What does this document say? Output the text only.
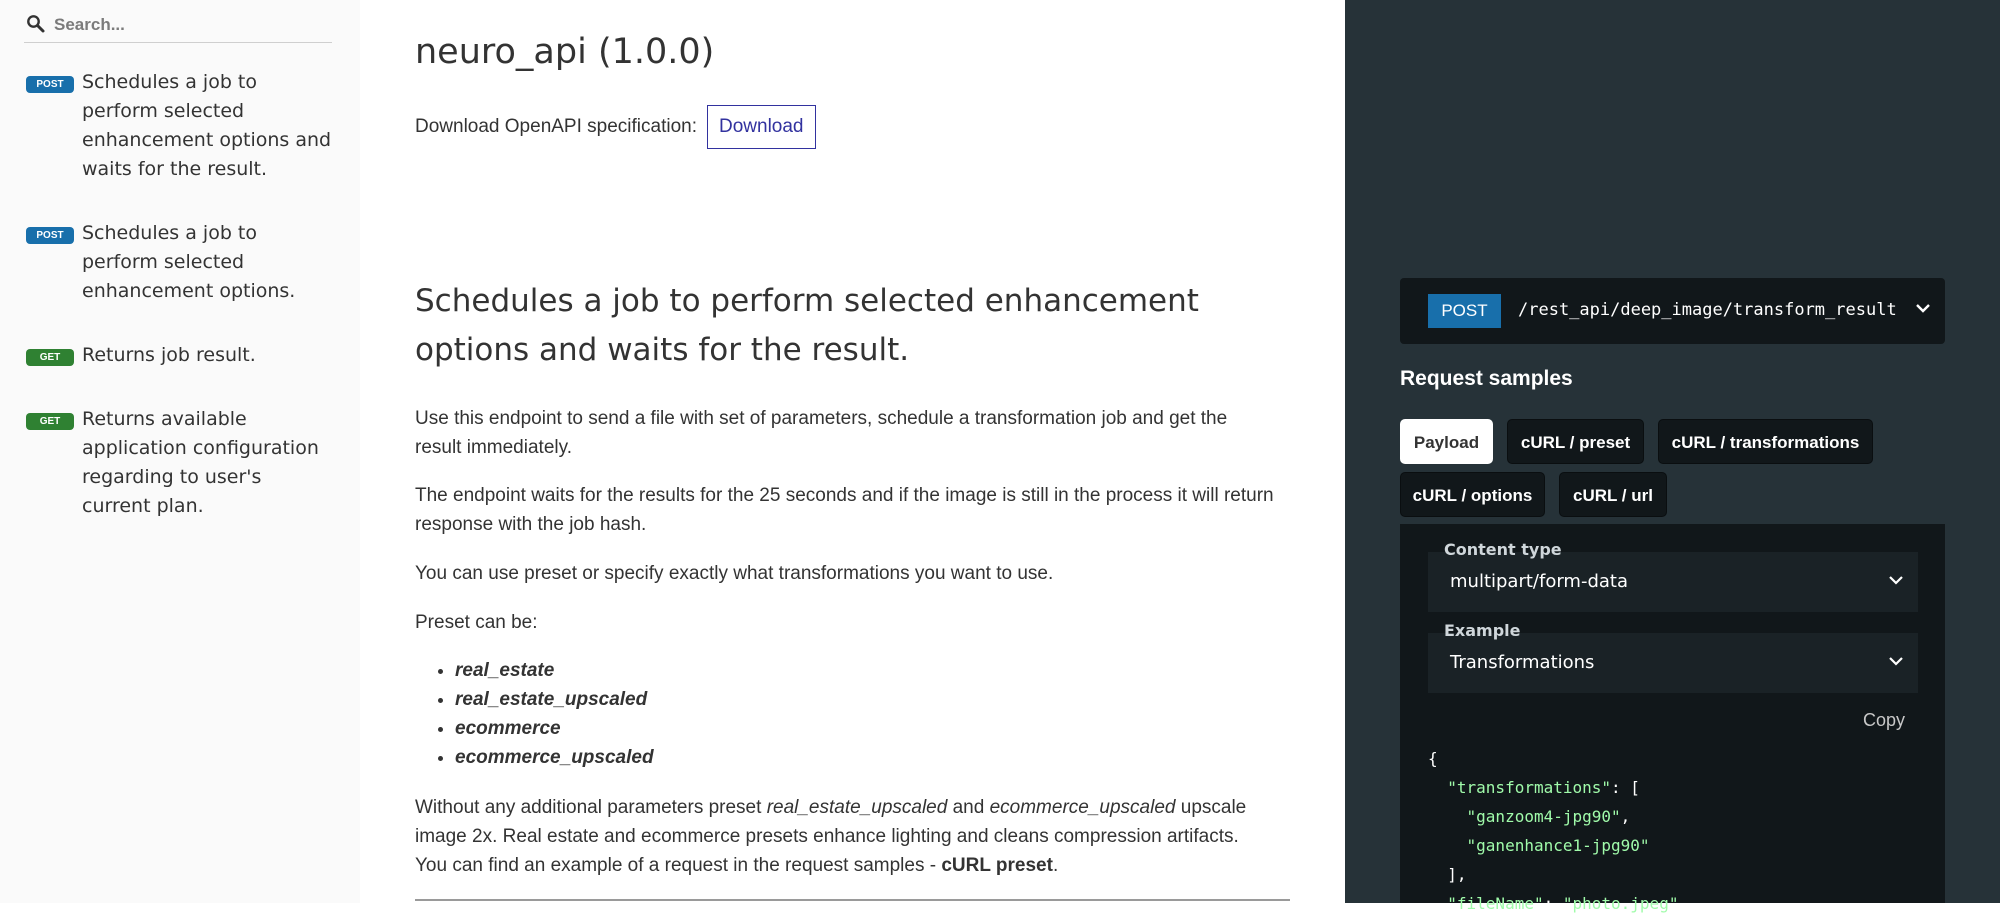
Search...
POST Schedules a job to perform selected enhancement options and waits for the result.
POST Schedules a job to perform selected enhancement options.
GET	Returns job result.
GET	Returns available application configuration regarding to user's current plan.
neuro_api (1.0.0)
Download OpenAPI specification:	Download
Schedules a job to perform selected enhancement options and waits for the result.

Use this endpoint to send a file with set of parameters, schedule a transformation job and get the result immediately.

The endpoint waits for the results for the 25 seconds and if the image is still in the process it will return response with the job hash.

You can use preset or specify exactly what transformations you want to use.

Preset can be:

• real_estate
• real_estate_upscaled
• ecommerce
• ecommerce_upscaled

Without any additional parameters preset real_estate_upscaled and ecommerce_upscaled upscale image 2x. Real estate and ecommerce presets enhance lighting and cleans compression artifacts. You can find an example of a request in the request samples - cURL preset.

POST	/rest_api/deep_image/transform_result
Request samples
Payload	cURL / preset	cURL / transformations
cURL / options	cURL / url
Content type
multipart/form-data
Example
Transformations
Copy
{
"transformations": [
"ganzoom4-jpg90",
"ganenhance1-jpg90"
],
"fileName": "photo.jpeg"
